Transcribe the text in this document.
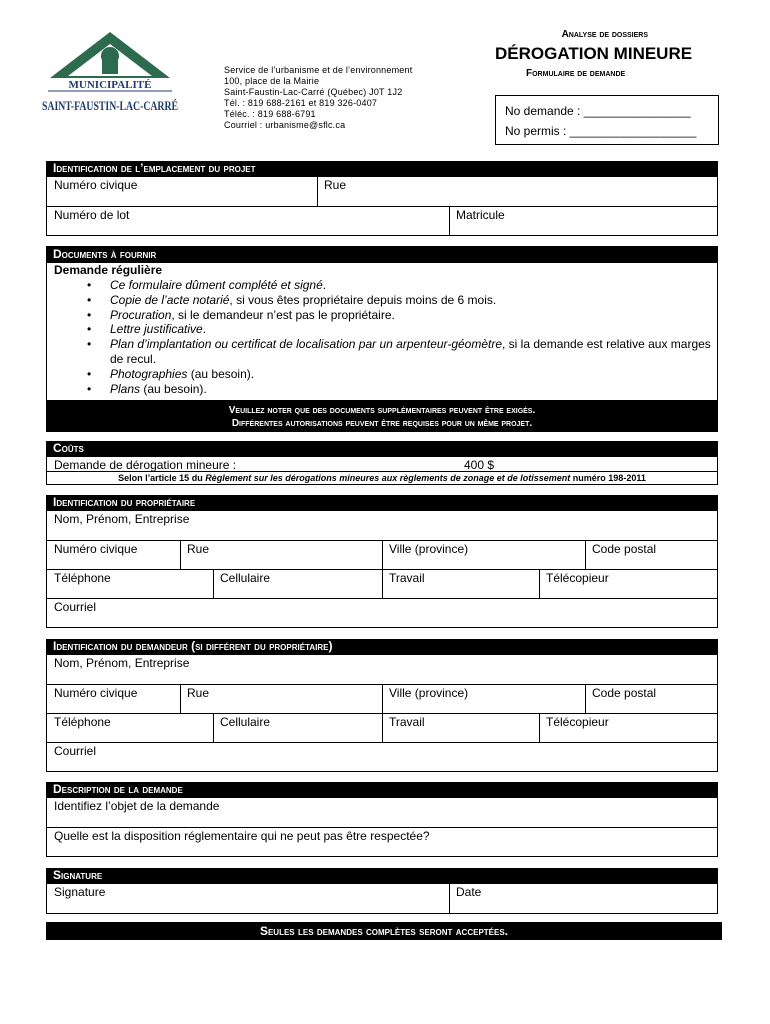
MUNICIPALITÉ
SAINT-FAUSTIN-LAC-CARRÉ
Service de l’urbanisme et de l’environnement
100, place de la Mairie
Saint-Faustin-Lac-Carré (Québec) J0T 1J2
Tél. : 819 688-2161 et 819 326-0407
Téléc. : 819 688-6791
Courriel : urbanisme@sflc.ca
Analyse de dossiers
DÉROGATION MINEURE
Formulaire de demande
No demande : ________________
No permis : ___________________
Identification de l’emplacement du projet
Numéro civique	Rue
Numéro de lot	Matricule
Documents à fournir
Demande régulière
• Ce formulaire dûment complété et signé.
• Copie de l’acte notarié, si vous êtes propriétaire depuis moins de 6 mois.
• Procuration, si le demandeur n’est pas le propriétaire.
• Lettre justificative.
• Plan d’implantation ou certificat de localisation par un arpenteur-géomètre, si la demande est relative aux marges de recul.
• Photographies (au besoin).
• Plans (au besoin).
Veuillez noter que des documents supplémentaires peuvent être exigés.
Différentes autorisations peuvent être requises pour un même projet.
Coûts
Demande de dérogation mineure :	400 $
Selon l’article 15 du Règlement sur les dérogations mineures aux règlements de zonage et de lotissement numéro 198-2011
Identification du propriétaire
Nom, Prénom, Entreprise
Numéro civique	Rue	Ville (province)	Code postal
Téléphone	Cellulaire	Travail	Télécopieur
Courriel
Identification du demandeur (si différent du propriétaire)
Nom, Prénom, Entreprise
Numéro civique	Rue	Ville (province)	Code postal
Téléphone	Cellulaire	Travail	Télécopieur
Courriel
Description de la demande
Identifiez l’objet de la demande
Quelle est la disposition réglementaire qui ne peut pas être respectée?
Signature
Signature	Date
Seules les demandes complètes seront acceptées.
